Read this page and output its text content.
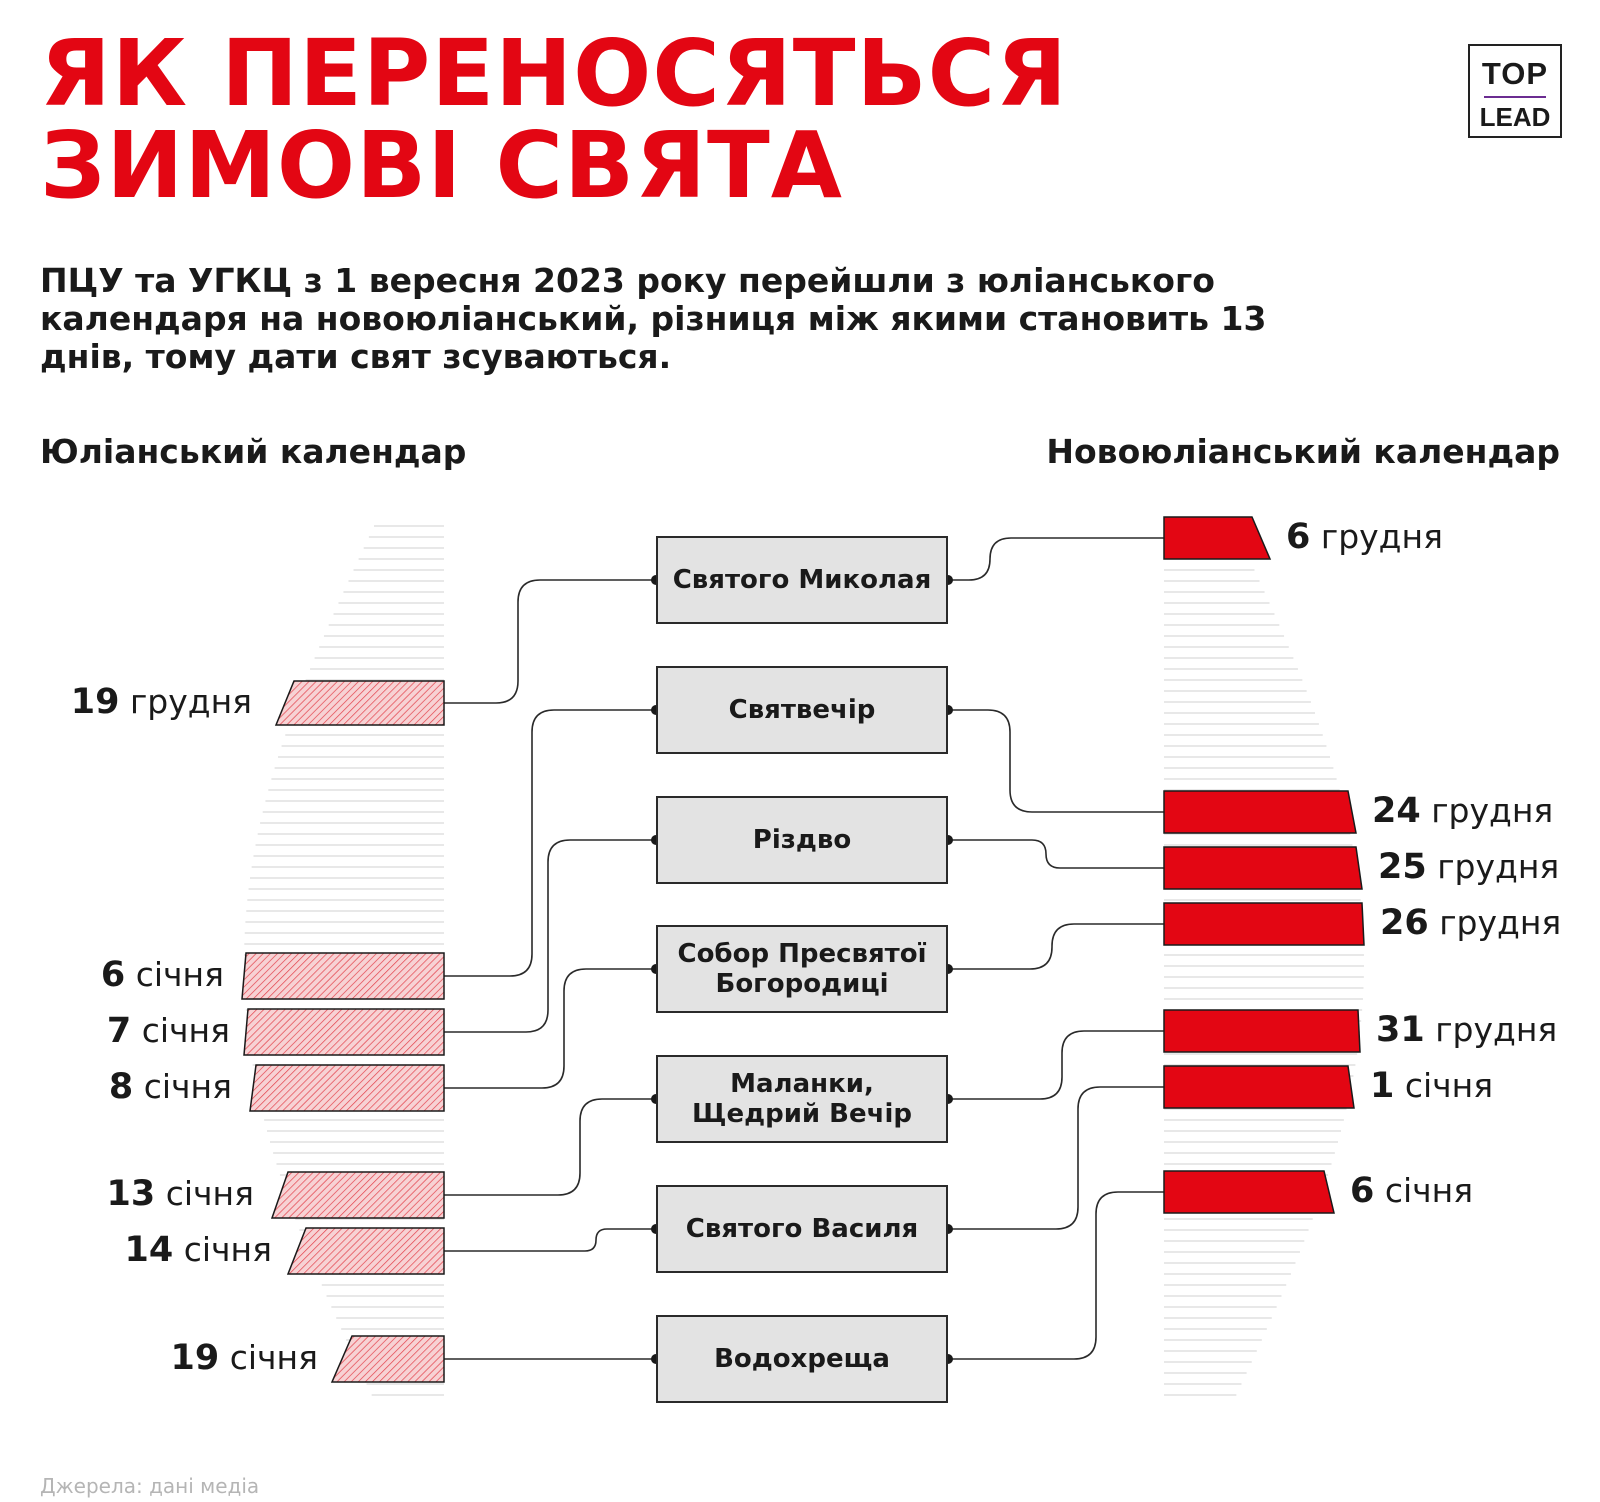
ЯК ПЕРЕНОСЯТЬСЯ
ЗИМОВІ СВЯТА
TOP
LEAD

ПЦУ та УГКЦ з 1 вересня 2023 року перейшли з юліанського календаря на новоюліанський, різниця між якими становить 13 днів, тому дати свят зсуваються.

Юліанський календар	Новоюліанський календар
Святого Миколая
Святвечір
Різдво
Собор Пресвятої Богородиці
Маланки, Щедрий Вечір
Святого Василя
Водохреща
19 грудня
6 грудня
6 січня
24 грудня
7 січня
25 грудня
8 січня
26 грудня
13 січня
31 грудня
14 січня
1 січня
19 січня
6 січня
Джерела: дані медіа
